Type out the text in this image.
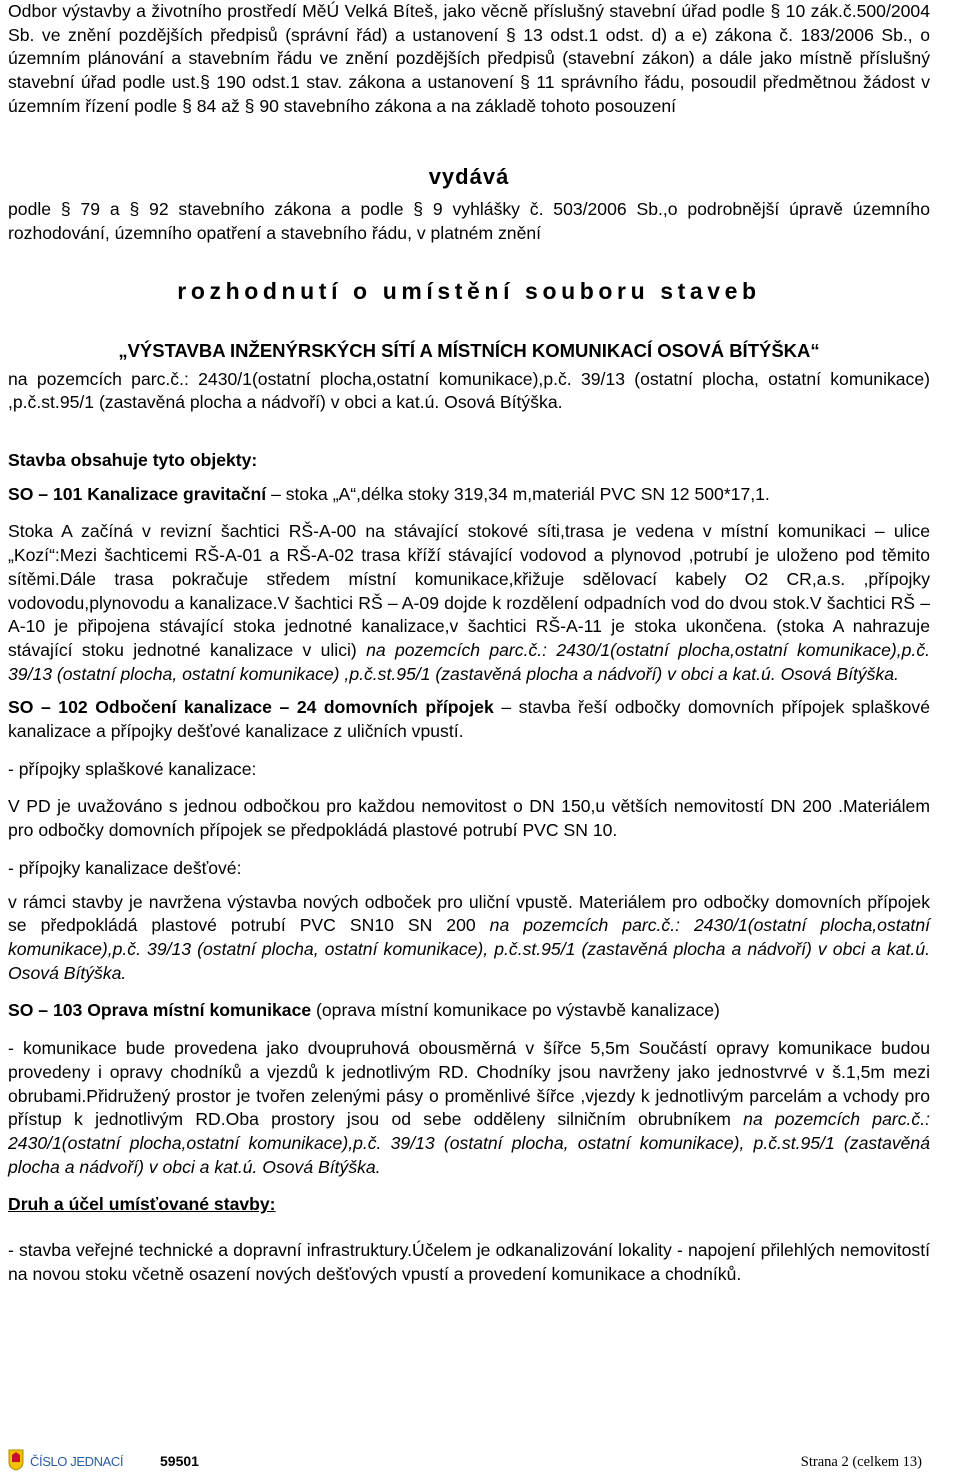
Odbor výstavby a životního prostředí MěÚ Velká Bíteš, jako věcně příslušný stavební úřad podle § 10 zák.č.500/2004 Sb. ve znění pozdějších předpisů (správní řád) a ustanovení § 13 odst.1 odst. d) a e) zákona č. 183/2006 Sb., o územním plánování a stavebním řádu ve znění pozdějších předpisů (stavební zákon) a dále jako místně příslušný stavební úřad podle ust.§ 190 odst.1 stav. zákona a ustanovení § 11 správního řádu, posoudil předmětnou žádost v územním řízení podle § 84 až § 90 stavebního zákona a na základě tohoto posouzení

vydává

podle § 79 a § 92 stavebního zákona a podle § 9 vyhlášky č. 503/2006 Sb.,o podrobnější úpravě územního rozhodování, územního opatření a stavebního řádu, v platném znění

rozhodnutí o umístění souboru staveb

„VÝSTAVBA INŽENÝRSKÝCH SÍTÍ A MÍSTNÍCH KOMUNIKACÍ OSOVÁ BÍTÝŠKA“

na pozemcích parc.č.: 2430/1(ostatní plocha,ostatní komunikace),p.č. 39/13 (ostatní plocha, ostatní komunikace) ,p.č.st.95/1 (zastavěná plocha a nádvoří) v obci a kat.ú. Osová Bítýška.

Stavba obsahuje tyto objekty:

SO – 101 Kanalizace gravitační – stoka „A“,délka stoky 319,34 m,materiál PVC SN 12 500*17,1.

Stoka A začíná v revizní šachtici RŠ-A-00 na stávající stokové síti,trasa je vedena v místní komunikaci – ulice „Kozí“:Mezi šachticemi RŠ-A-01 a RŠ-A-02 trasa kříží stávající vodovod a plynovod ,potrubí je uloženo pod těmito sítěmi.Dále trasa pokračuje středem místní komunikace,křižuje sdělovací kabely O2 CR,a.s. ,přípojky vodovodu,plynovodu a kanalizace.V šachtici RŠ – A-09 dojde k rozdělení odpadních vod do dvou stok.V šachtici RŠ – A-10 je připojena stávající stoka jednotné kanalizace,v šachtici RŠ-A-11 je stoka ukončena. (stoka A nahrazuje stávající stoku jednotné kanalizace v ulici) na pozemcích parc.č.: 2430/1(ostatní plocha,ostatní komunikace),p.č. 39/13 (ostatní plocha, ostatní komunikace) ,p.č.st.95/1 (zastavěná plocha a nádvoří) v obci a kat.ú. Osová Bítýška.

SO – 102 Odbočení kanalizace – 24 domovních přípojek – stavba řeší odbočky domovních přípojek splaškové kanalizace a přípojky dešťové kanalizace z uličních vpustí.

- přípojky splaškové kanalizace:

V PD je uvažováno s jednou odbočkou pro každou nemovitost o DN 150,u větších nemovitostí DN 200 .Materiálem pro odbočky domovních přípojek se předpokládá plastové potrubí PVC SN 10.

- přípojky kanalizace dešťové:

v rámci stavby je navržena výstavba nových odboček pro uliční vpustě. Materiálem pro odbočky domovních přípojek se předpokládá plastové potrubí PVC SN10 SN 200 na pozemcích parc.č.: 2430/1(ostatní plocha,ostatní komunikace),p.č. 39/13 (ostatní plocha, ostatní komunikace), p.č.st.95/1 (zastavěná plocha a nádvoří) v obci a kat.ú. Osová Bítýška.

SO – 103 Oprava místní komunikace (oprava místní komunikace po výstavbě kanalizace)

- komunikace bude provedena jako dvoupruhová obousměrná v šířce 5,5m Součástí opravy komunikace budou provedeny i opravy chodníků a vjezdů k jednotlivým RD. Chodníky jsou navrženy jako jednostvrvé v š.1,5m mezi obrubami.Přidružený prostor je tvořen zelenými pásy o proměnlivé šířce ,vjezdy k jednotlivým parcelám a vchody pro přístup k jednotlivým RD.Oba prostory jsou od sebe odděleny silničním obrubníkem na pozemcích parc.č.: 2430/1(ostatní plocha,ostatní komunikace),p.č. 39/13 (ostatní plocha, ostatní komunikace), p.č.st.95/1 (zastavěná plocha a nádvoří) v obci a kat.ú. Osová Bítýška.

Druh a účel umísťované stavby:

- stavba veřejné technické a dopravní infrastruktury.Účelem je odkanalizování lokality - napojení přilehlých nemovitostí na novou stoku včetně osazení nových dešťových vpustí a provedení komunikace a chodníků.

ČÍSLO JEDNACÍ	59501	Strana 2 (celkem 13)
